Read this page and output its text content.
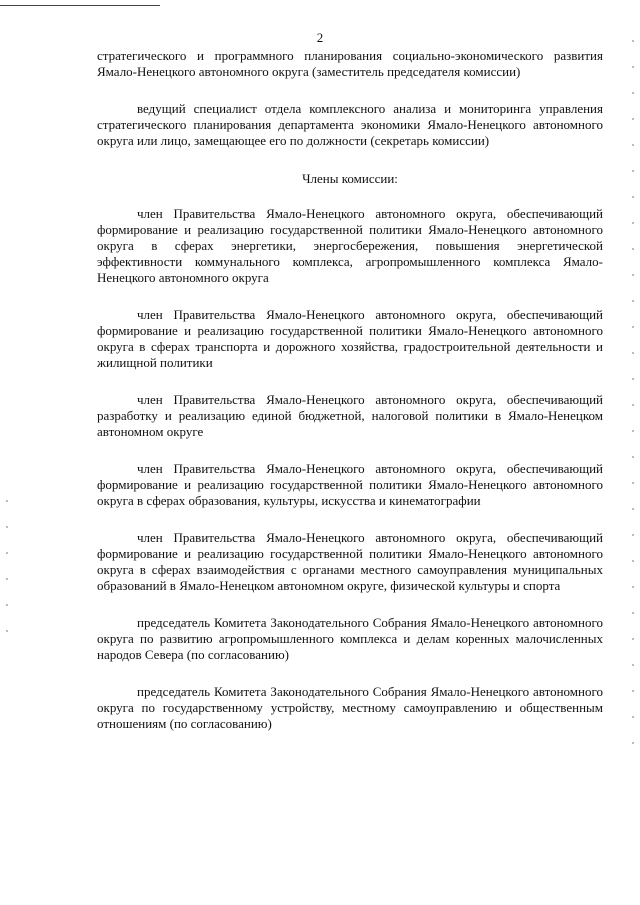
2

стратегического и программного планирования социально-экономического развития Ямало-Ненецкого автономного округа (заместитель председателя комиссии)

ведущий специалист отдела комплексного анализа и мониторинга управления стратегического планирования департамента экономики Ямало-Ненецкого автономного округа или лицо, замещающее его по должности (секретарь комиссии)

Члены комиссии:

член Правительства Ямало-Ненецкого автономного округа, обеспечивающий формирование и реализацию государственной политики Ямало-Ненецкого автономного округа в сферах энергетики, энергосбережения, повышения энергетической эффективности коммунального комплекса, агропромышленного комплекса Ямало-Ненецкого автономного округа

член Правительства Ямало-Ненецкого автономного округа, обеспечивающий формирование и реализацию государственной политики Ямало-Ненецкого автономного округа в сферах транспорта и дорожного хозяйства, градостроительной деятельности и жилищной политики

член Правительства Ямало-Ненецкого автономного округа, обеспечивающий разработку и реализацию единой бюджетной, налоговой политики в Ямало-Ненецком автономном округе

член Правительства Ямало-Ненецкого автономного округа, обеспечивающий формирование и реализацию государственной политики Ямало-Ненецкого автономного округа в сферах образования, культуры, искусства и кинематографии

член Правительства Ямало-Ненецкого автономного округа, обеспечивающий формирование и реализацию государственной политики Ямало-Ненецкого автономного округа в сферах взаимодействия с органами местного самоуправления муниципальных образований в Ямало-Ненецком автономном округе, физической культуры и спорта

председатель Комитета Законодательного Собрания Ямало-Ненецкого автономного округа по развитию агропромышленного комплекса и делам коренных малочисленных народов Севера (по согласованию)

председатель Комитета Законодательного Собрания Ямало-Ненецкого автономного округа по государственному устройству, местному самоуправлению и общественным отношениям (по согласованию)
